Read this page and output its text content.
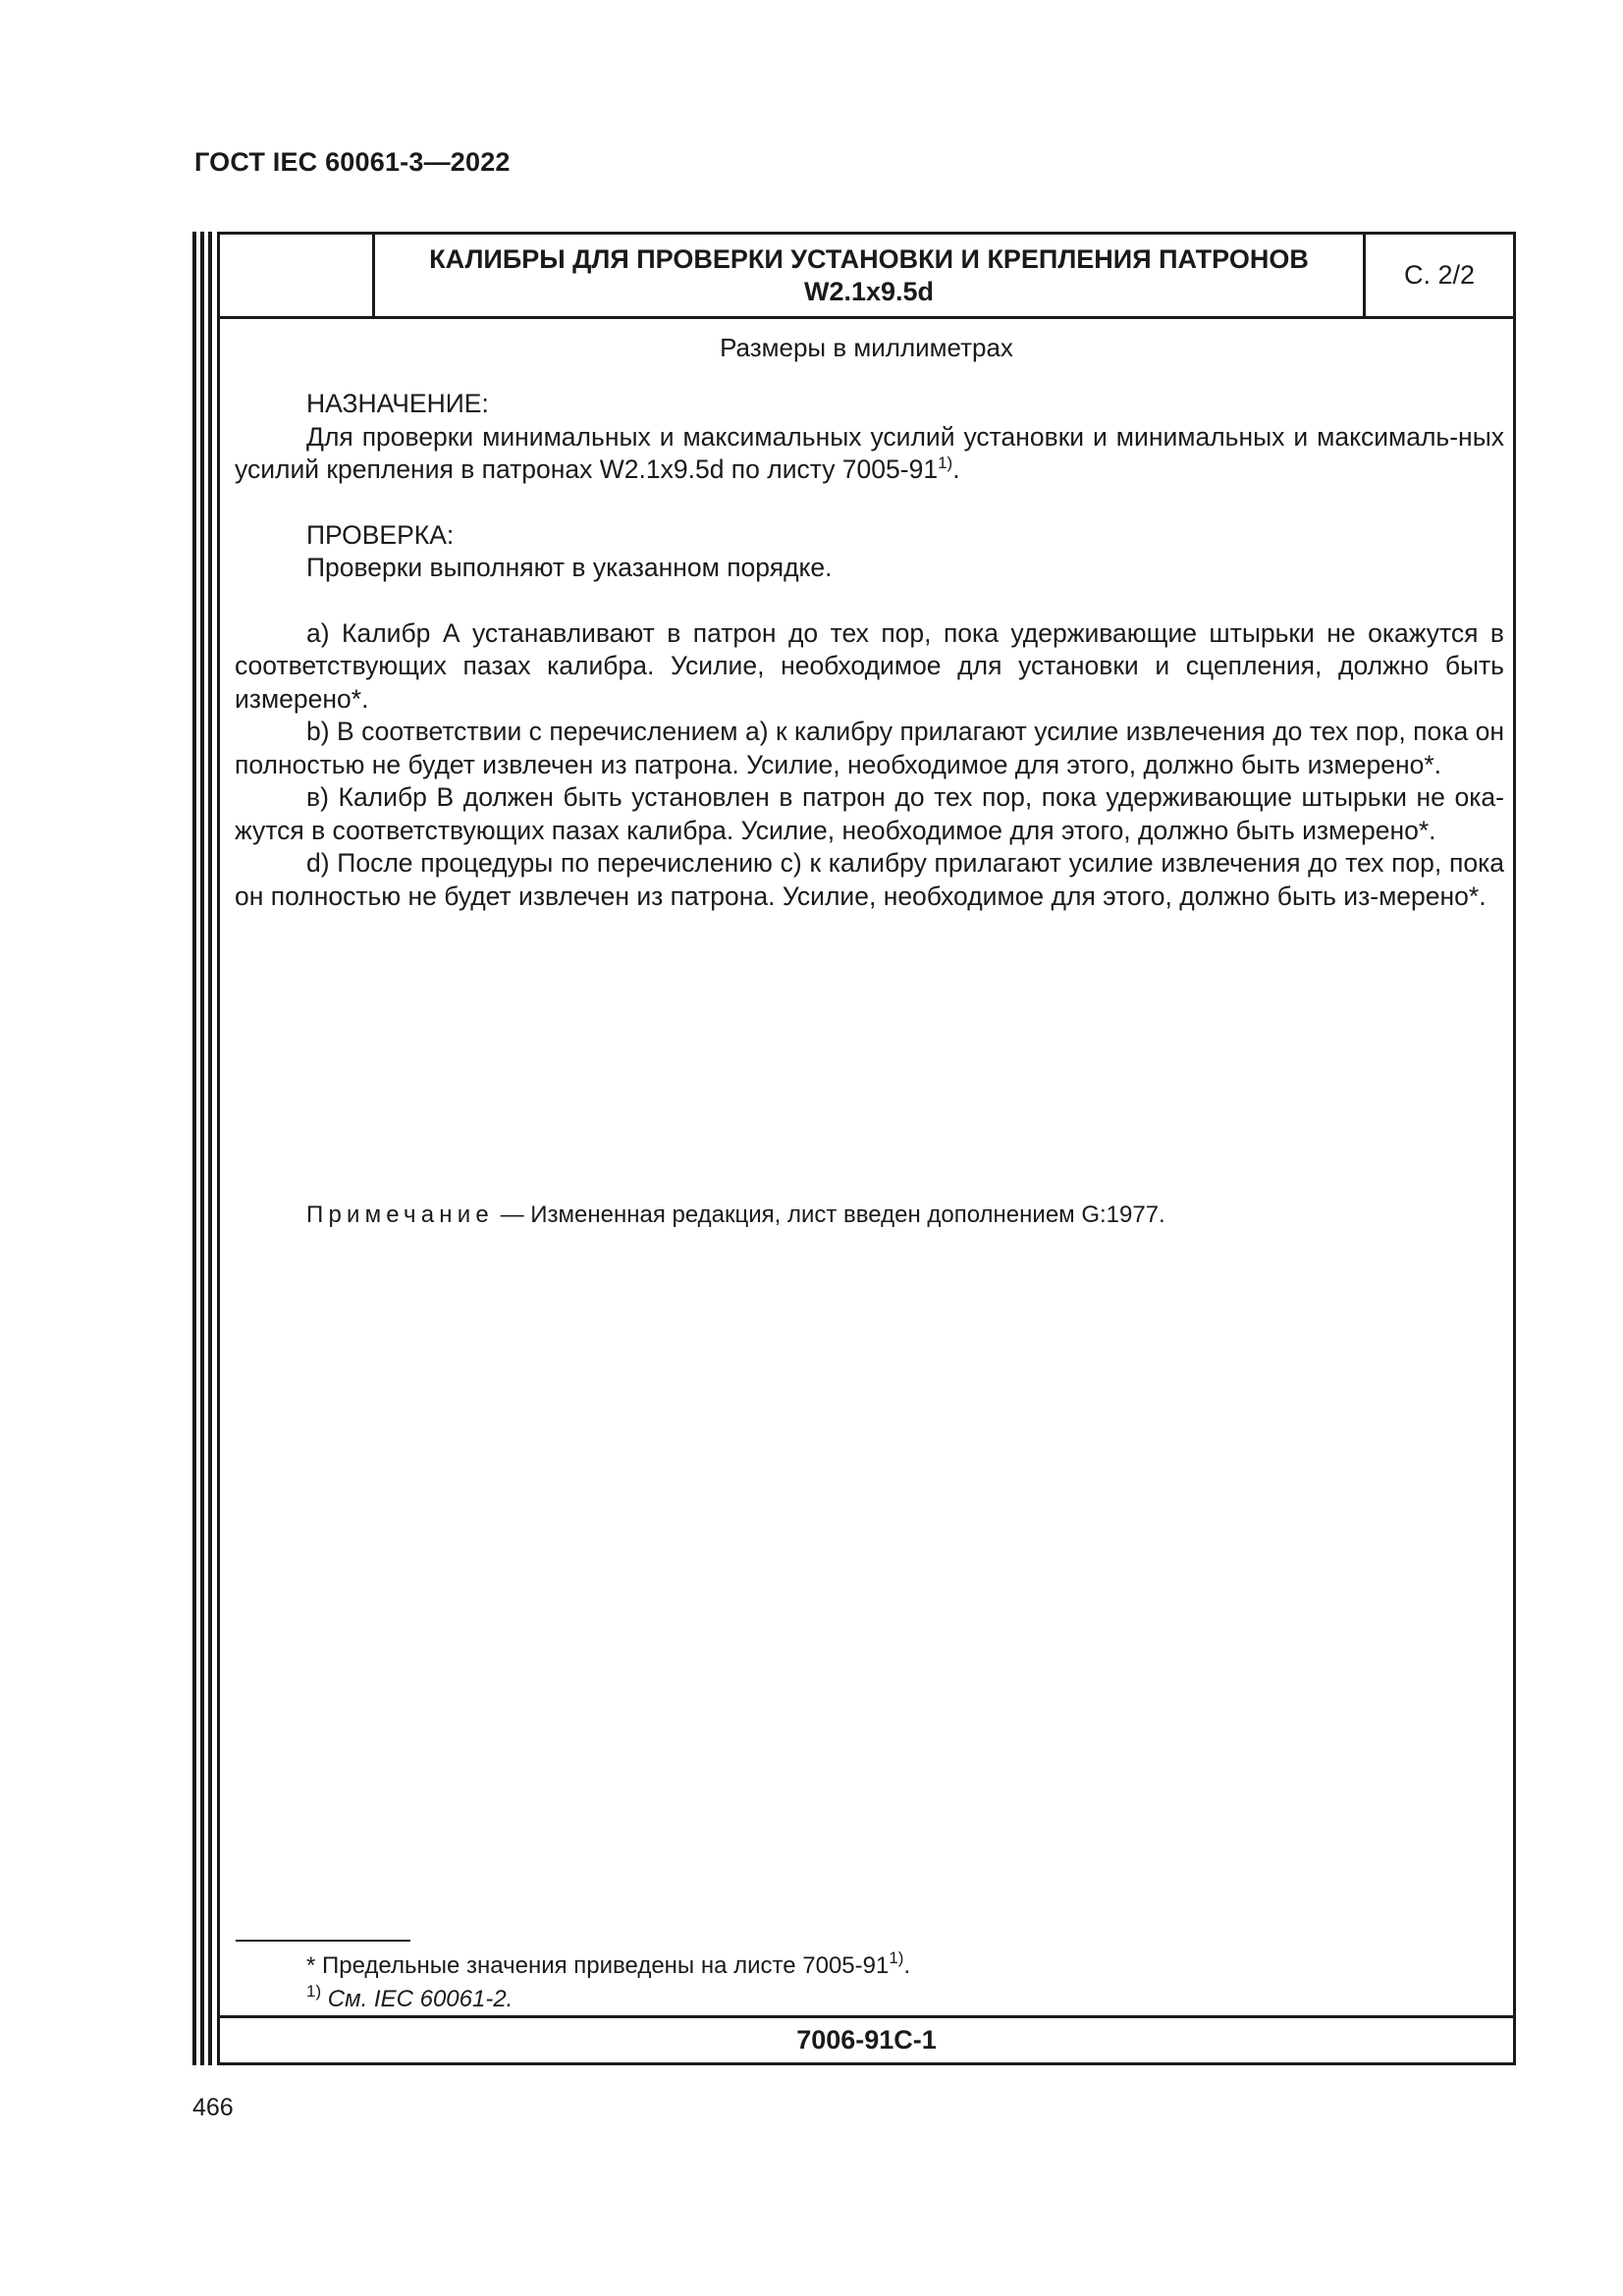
ГОСТ IEC 60061-3—2022
КАЛИБРЫ ДЛЯ ПРОВЕРКИ УСТАНОВКИ И КРЕПЛЕНИЯ ПАТРОНОВ
W2.1x9.5d
С. 2/2
Размеры в миллиметрах

НАЗНАЧЕНИЕ:

Для проверки минимальных и максимальных усилий установки и минимальных и максималь-ных усилий крепления в патронах W2.1x9.5d по листу 7005-91$^{1)}$.

ПРОВЕРКА:

Проверки выполняют в указанном порядке.

а) Калибр А устанавливают в патрон до тех пор, пока удерживающие штырьки не окажутся в соответствующих пазах калибра. Усилие, необходимое для установки и сцепления, должно быть измерено*.

b) В соответствии с перечислением а) к калибру прилагают усилие извлечения до тех пор, пока он полностью не будет извлечен из патрона. Усилие, необходимое для этого, должно быть измерено*.

в) Калибр В должен быть установлен в патрон до тех пор, пока удерживающие штырьки не ока-жутся в соответствующих пазах калибра. Усилие, необходимое для этого, должно быть измерено*.

d) После процедуры по перечислению с) к калибру прилагают усилие извлечения до тех пор, пока он полностью не будет извлечен из патрона. Усилие, необходимое для этого, должно быть из-мерено*.

Примечание — Измененная редакция, лист введен дополнением G:1977.
* Предельные значения приведены на листе 7005-91$^{1)}$.
$^{1)}$ См. IEC 60061-2.
7006-91C-1
466
